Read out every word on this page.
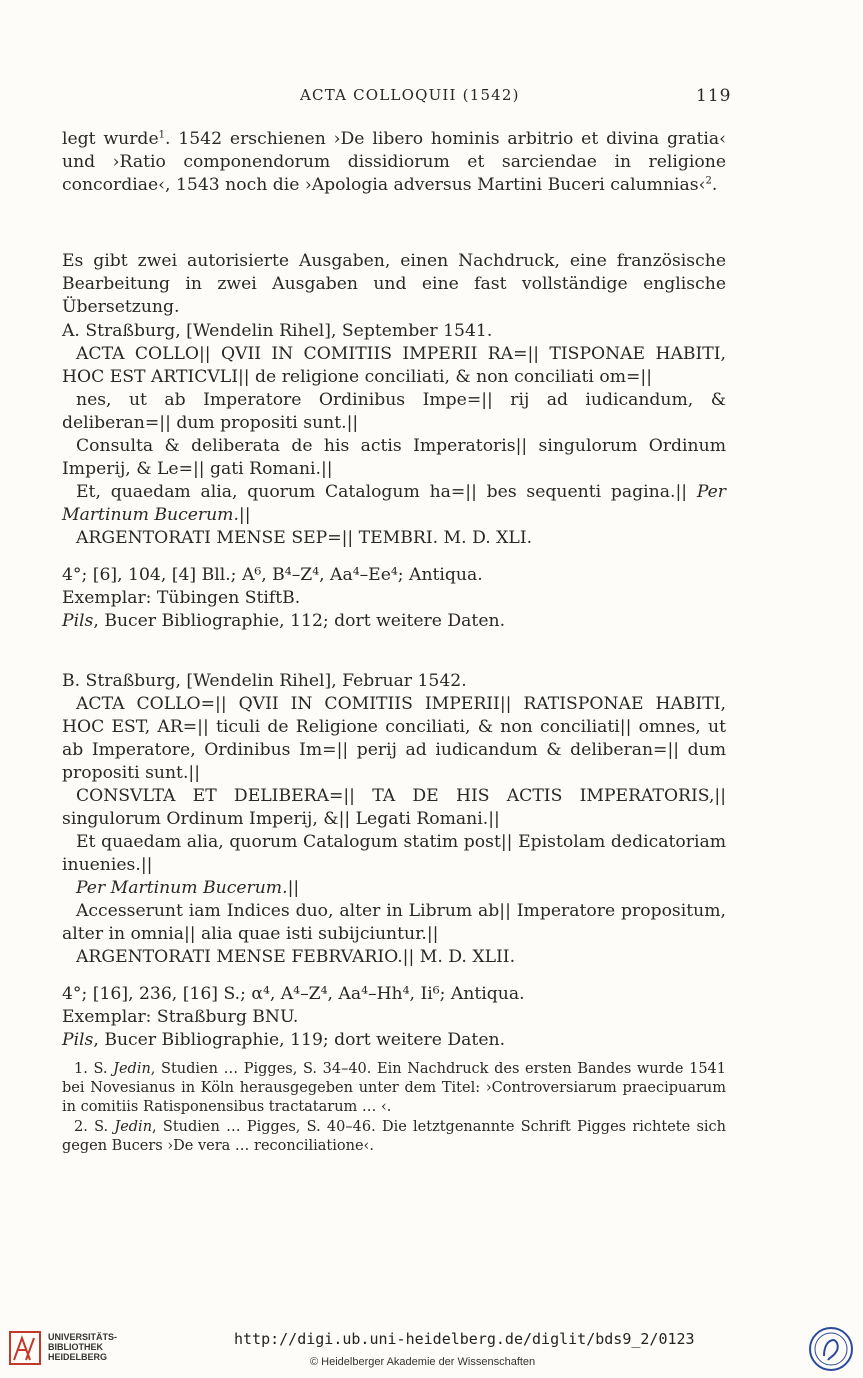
ACTA COLLOQUII (1542)	119

legt wurde$^1$. 1542 erschienen ›De libero hominis arbitrio et divina gratia‹ und ›Ratio componendorum dissidiorum et sarciendae in religione concordiae‹, 1543 noch die ›Apologia adversus Martini Buceri calumnias‹$^2$.

Es gibt zwei autorisierte Ausgaben, einen Nachdruck, eine französische Bearbeitung in zwei Ausgaben und eine fast vollständige englische Übersetzung.

A. Straßburg, [Wendelin Rihel], September 1541.

ACTA COLLO|| QVII IN COMITIIS IMPERII RA=|| TISPONAE HABITI, HOC EST ARTICVLI|| de religione conciliati, & non conciliati om=||

nes, ut ab Imperatore Ordinibus Impe=|| rij ad iudicandum, & deliberan=|| dum propositi sunt.||

Consulta & deliberata de his actis Imperatoris|| singulorum Ordinum Imperij, & Le=|| gati Romani.||

Et, quaedam alia, quorum Catalogum ha=|| bes sequenti pagina.|| Per Martinum Bucerum.||

ARGENTORATI MENSE SEP=|| TEMBRI. M. D. XLI.

4°; [6], 104, [4] Bll.; A⁶, B⁴–Z⁴, Aa⁴–Ee⁴; Antiqua.

Exemplar: Tübingen StiftB.

Pils, Bucer Bibliographie, 112; dort weitere Daten.

B. Straßburg, [Wendelin Rihel], Februar 1542.

ACTA COLLO=|| QVII IN COMITIIS IMPERII|| RATISPONAE HABITI, HOC EST, AR=|| ticuli de Religione conciliati, & non conciliati|| omnes, ut ab Imperatore, Ordinibus Im=|| perij ad iudicandum & deliberan=|| dum propositi sunt.||

CONSVLTA ET DELIBERA=|| TA DE HIS ACTIS IMPERATORIS,|| singulorum Ordinum Imperij, &|| Legati Romani.||

Et quaedam alia, quorum Catalogum statim post|| Epistolam dedicatoriam inuenies.||

Per Martinum Bucerum.||

Accesserunt iam Indices duo, alter in Librum ab|| Imperatore propositum, alter in omnia|| alia quae isti subijciuntur.||

ARGENTORATI MENSE FEBRVARIO.|| M. D. XLII.

4°; [16], 236, [16] S.; α⁴, A⁴–Z⁴, Aa⁴–Hh⁴, Ii⁶; Antiqua.

Exemplar: Straßburg BNU.

Pils, Bucer Bibliographie, 119; dort weitere Daten.

1. S. Jedin, Studien … Pigges, S. 34–40. Ein Nachdruck des ersten Bandes wurde 1541 bei Novesianus in Köln herausgegeben unter dem Titel: ›Controversiarum praecipuarum in comitiis Ratisponensibus tractatarum … ‹.

2. S. Jedin, Studien … Pigges, S. 40–46. Die letztgenannte Schrift Pigges richtete sich gegen Bucers ›De vera … reconciliatione‹.

UNIVERSITÄTS-
BIBLIOTHEK
HEIDELBERG
http://digi.ub.uni-heidelberg.de/diglit/bds9_2/0123
© Heidelberger Akademie der Wissenschaften
